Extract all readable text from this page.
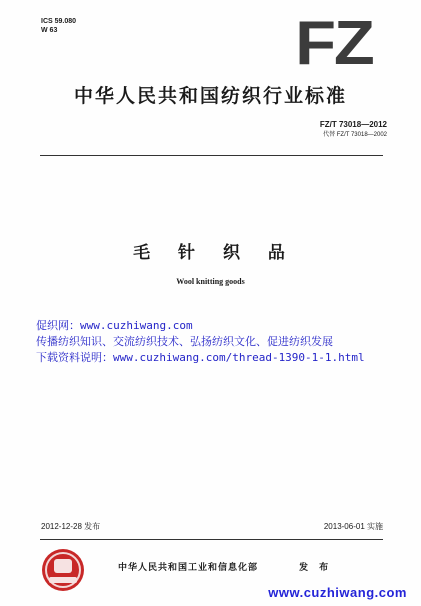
ICS 59.080
W 63	FZ
中华人民共和国纺织行业标准
FZ/T 73018—2012
代替 FZ/T 73018—2002
毛 针 织 品
Wool knitting goods
促织网：www.cuzhiwang.com
传播纺织知识、交流纺织技术、弘扬纺织文化、促进纺织发展
下载资料说明：www.cuzhiwang.com/thread-1390-1-1.html
2012-12-28 发布	2013-06-01 实施
中华人民共和国工业和信息化部	发 布
www.cuzhiwang.com
